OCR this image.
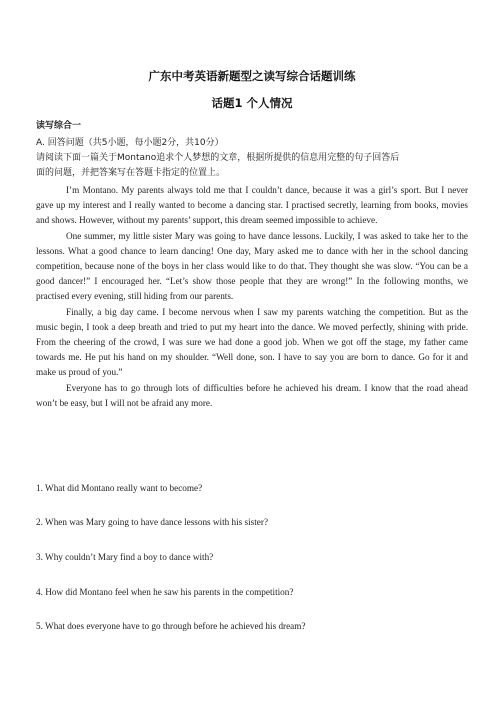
广东中考英语新题型之读写综合话题训练
话题1 个人情况
读写综合一
A. 回答问题（共5小题，每小题2分，共10分）
请阅读下面一篇关于Montano追求个人梦想的文章，根据所提供的信息用完整的句子回答后
面的问题，并把答案写在答题卡指定的位置上。

I’m Montano. My parents always told me that I couldn’t dance, because it was a girl’s sport. But I never gave up my interest and I really wanted to become a dancing star. I practised secretly, learning from books, movies and shows. However, without my parents’ support, this dream seemed impossible to achieve.

One summer, my little sister Mary was going to have dance lessons. Luckily, I was asked to take her to the lessons. What a good chance to learn dancing! One day, Mary asked me to dance with her in the school dancing competition, because none of the boys in her class would like to do that. They thought she was slow. “You can be a good dancer!” I encouraged her. “Let’s show those people that they are wrong!” In the following months, we practised every evening, still hiding from our parents.

Finally, a big day came. I become nervous when I saw my parents watching the competition. But as the music begin, I took a deep breath and tried to put my heart into the dance. We moved perfectly, shining with pride. From the cheering of the crowd, I was sure we had done a good job. When we got off the stage, my father came towards me. He put his hand on my shoulder. “Well done, son. I have to say you are born to dance. Go for it and make us proud of you.”

Everyone has to go through lots of difficulties before he achieved his dream. I know that the road ahead won’t be easy, but I will not be afraid any more.

1. What did Montano really want to become?
2. When was Mary going to have dance lessons with his sister?
3. Why couldn’t Mary find a boy to dance with?
4. How did Montano feel when he saw his parents in the competition?
5. What does everyone have to go through before he achieved his dream?
